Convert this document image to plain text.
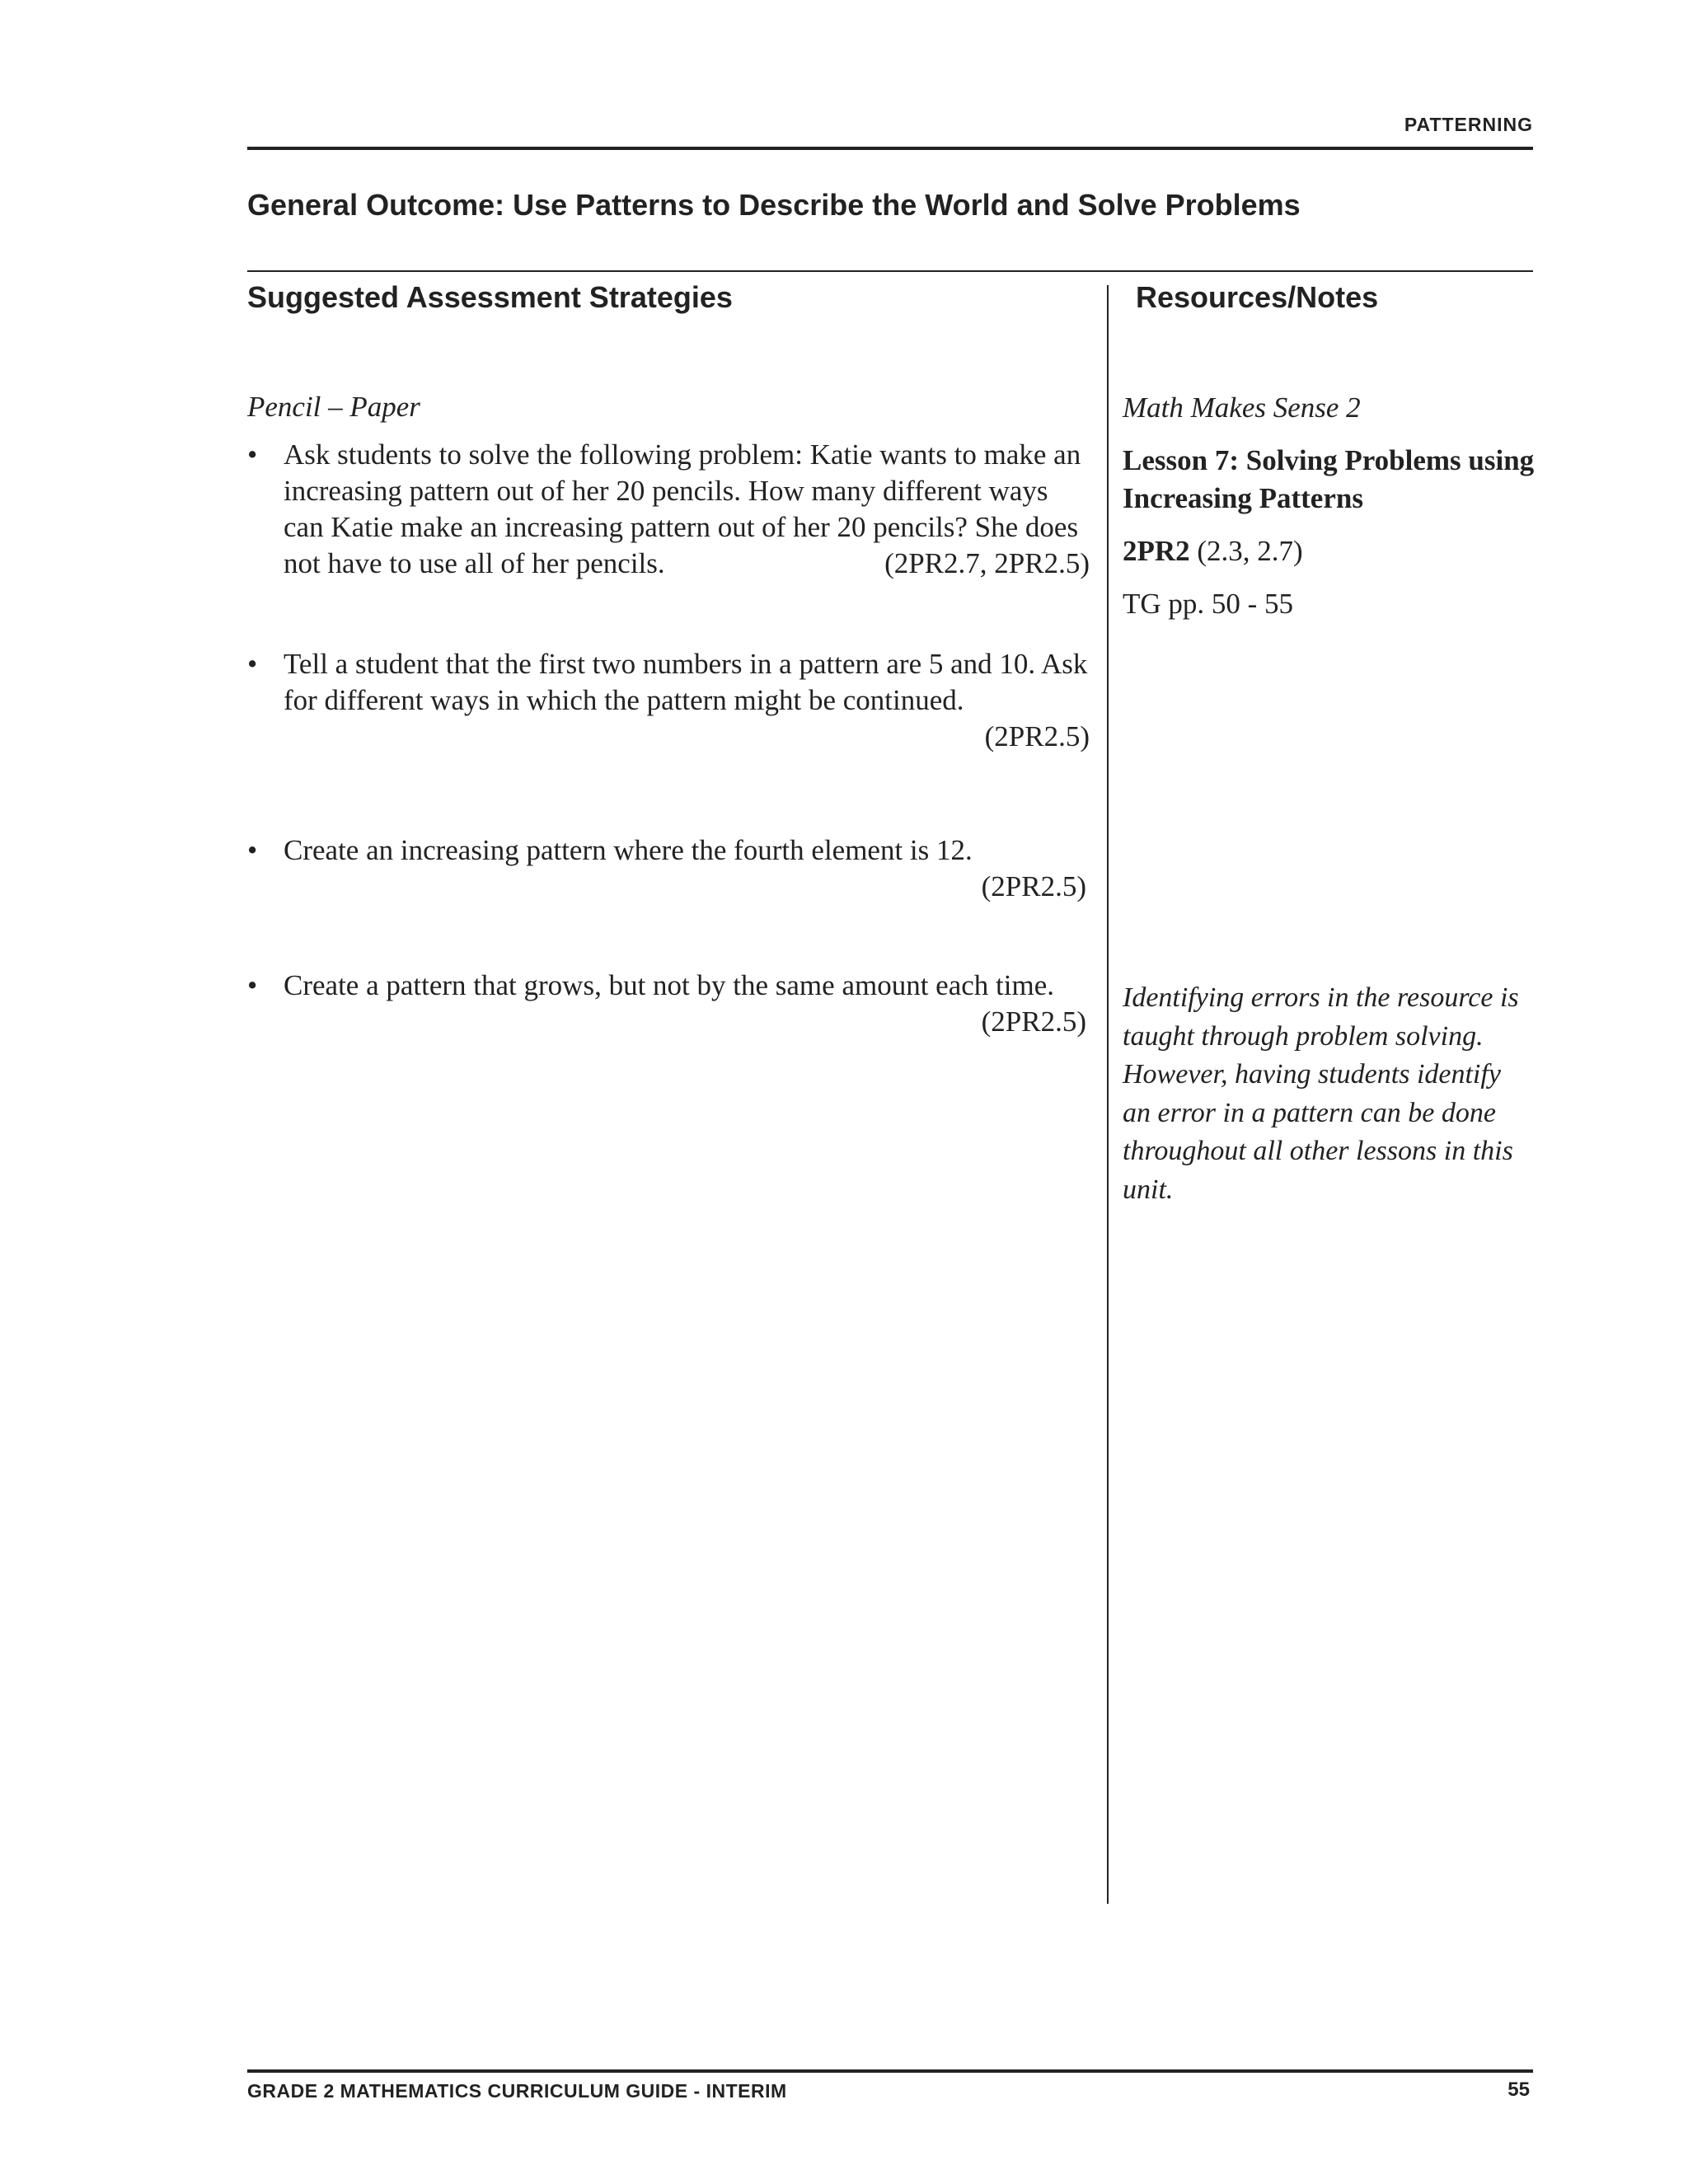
PATTERNING
General Outcome: Use Patterns to Describe the World and Solve Problems
Suggested Assessment Strategies	Resources/Notes
Pencil – Paper
• Ask students to solve the following problem: Katie wants to make an increasing pattern out of her 20 pencils. How many different ways can Katie make an increasing pattern out of her 20 pencils? She does not have to use all of her pencils.	(2PR2.7, 2PR2.5)
• Tell a student that the first two numbers in a pattern are 5 and 10. Ask for different ways in which the pattern might be continued.
(2PR2.5)
• Create an increasing pattern where the fourth element is 12.
(2PR2.5)
• Create a pattern that grows, but not by the same amount each time.
(2PR2.5)
Math Makes Sense 2
Lesson 7: Solving Problems using Increasing Patterns
2PR2 (2.3, 2.7)
TG pp. 50 - 55
Identifying errors in the resource is taught through problem solving. However, having students identify an error in a pattern can be done throughout all other lessons in this unit.
GRADE 2 MATHEMATICS CURRICULUM GUIDE - INTERIM	55
